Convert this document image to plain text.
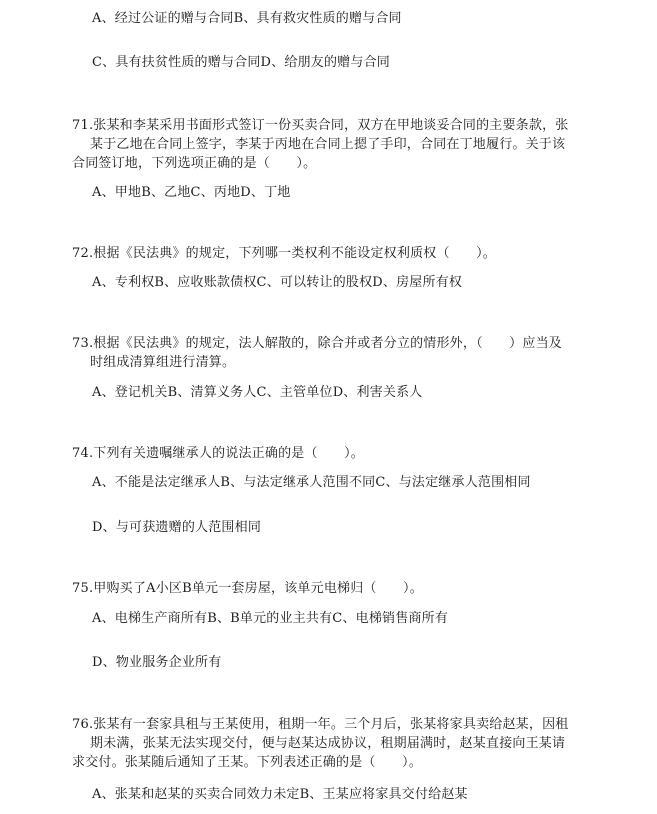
A、经过公证的赠与合同B、具有救灾性质的赠与合同
C、具有扶贫性质的赠与合同D、给朋友的赠与合同
71.张某和李某采用书面形式签订一份买卖合同，双方在甲地谈妥合同的主要条款，张
某于乙地在合同上签字，李某于丙地在合同上摁了手印，合同在丁地履行。关于该
合同签订地，下列选项正确的是（　　）。
A、甲地B、乙地C、丙地D、丁地
72.根据《民法典》的规定，下列哪一类权利不能设定权利质权（　　）。
A、专利权B、应收账款债权C、可以转让的股权D、房屋所有权
73.根据《民法典》的规定，法人解散的，除合并或者分立的情形外，（　　）应当及
时组成清算组进行清算。
A、登记机关B、清算义务人C、主管单位D、利害关系人
74.下列有关遗嘱继承人的说法正确的是（　　）。
A、不能是法定继承人B、与法定继承人范围不同C、与法定继承人范围相同
D、与可获遗赠的人范围相同
75.甲购买了A小区B单元一套房屋，该单元电梯归（　　）。
A、电梯生产商所有B、B单元的业主共有C、电梯销售商所有
D、物业服务企业所有
76.张某有一套家具租与王某使用，租期一年。三个月后，张某将家具卖给赵某，因租
期未满，张某无法实现交付，便与赵某达成协议，租期届满时，赵某直接向王某请
求交付。张某随后通知了王某。下列表述正确的是（　　）。
A、张某和赵某的买卖合同效力未定B、王某应将家具交付给赵某
